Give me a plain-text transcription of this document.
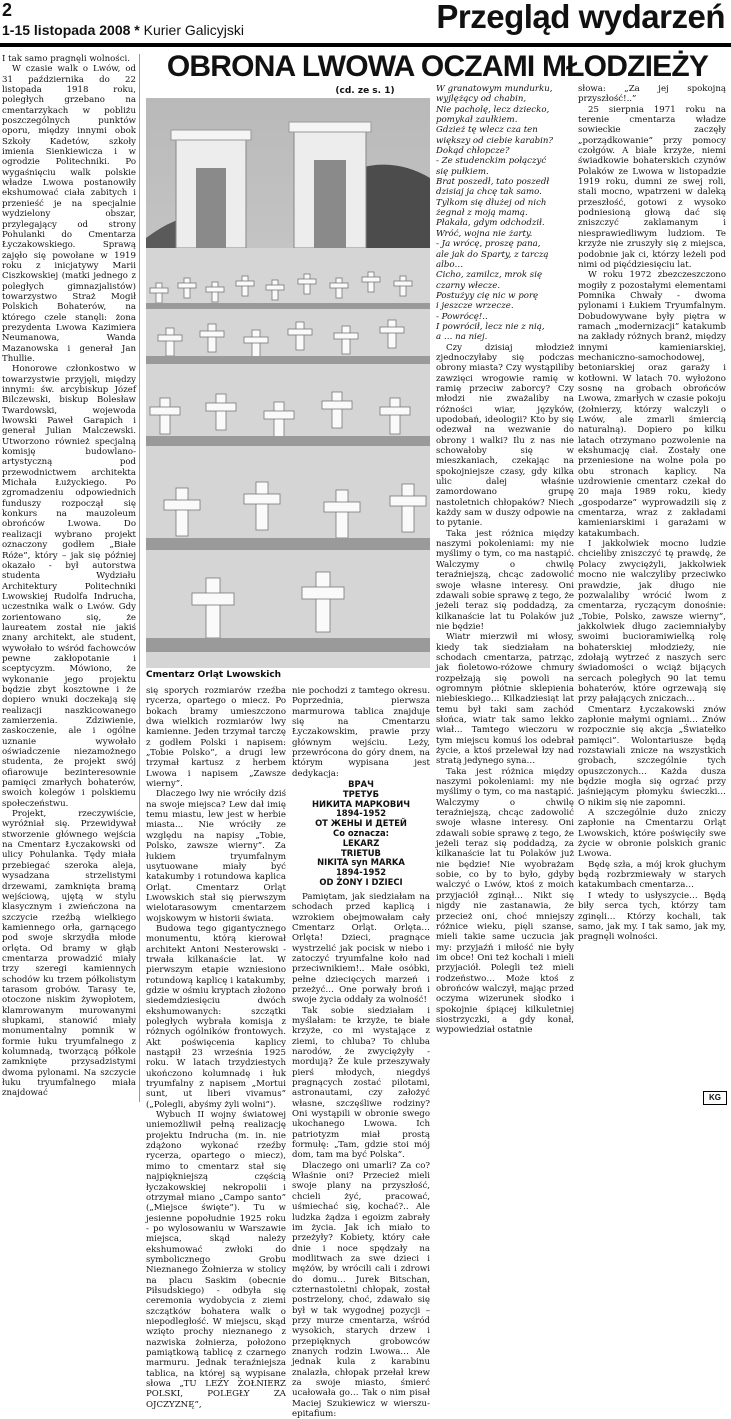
2
1-15 listopada 2008 * Kurier Galicyjski	Przegląd wydarzeń
OBRONA LWOWA OCZAMI MŁODZIEŻY
(cd. ze s. 1)

I tak samo pragnęli wolności.

W czasie walk o Lwów, od 31 października do 22 listopada 1918 roku, poległych grzebano na cmentarzykach w pobliżu poszczególnych punktów oporu, między innymi obok Szkoły Kadetów, szkoły imienia Sienkiewicza i w ogrodzie Politechniki. Po wygaśnięciu walk polskie władze Lwowa postanowiły ekshumować ciała zabitych i przenieść je na specjalnie wydzielony obszar, przylegający od strony Pohulanki do Cmentarza Łyczakowskiego. Sprawą zajęło się powołane w 1919 roku z inicjatywy Marii Ciszkowskiej (matki jednego z poległych gimnazjalistów) towarzystwo Straż Mogił Polskich Bohaterów, na którego czele stanęli: żona prezydenta Lwowa Kazimiera Neumanowa, Wanda Mazanowska i generał Jan Thullie.

Honorowe członkostwo w towarzystwie przyjęli, między innymi: św. arcybiskup Józef Bilczewski, biskup Bolesław Twardowski, wojewoda lwowski Paweł Garapich i generał Julian Malczewski. Utworzono również specjalną komisję budowlano-artystyczną pod przewodnictwem architekta Michała Łużyckiego. Po zgromadzeniu odpowiednich funduszy rozpoczął się konkurs na mauzoleum obrońców Lwowa. Do realizacji wybrano projekt oznaczony godłem „Białe Róże”, który – jak się później okazało - był autorstwa studenta Wydziału Architektury Politechniki Lwowskiej Rudolfa Indrucha, uczestnika walk o Lwów. Gdy zorientowano się, że laureatem został nie jakiś znany architekt, ale student, wywołało to wśród fachowców pewne zakłopotanie i sceptycyzm. Mówiono, że wykonanie jego projektu będzie zbyt kosztowne i że dopiero wnuki doczekają się realizacji naszkicowanego zamierzenia. Zdziwienie, zaskoczenie, ale i ogólne uznanie wywołało oświadczenie niezamożnego studenta, że projekt swój ofiarowuje bezinteresownie pamięci zmarłych bohaterów, swoich kolegów i polskiemu społeczeństwu.

Projekt, rzeczywiście, wyróżniał się. Przewidywał stworzenie głównego wejścia na Cmentarz Łyczakowski od ulicy Pohulanka. Tędy miała przebiegać szeroka aleja, wysadzana strzelistymi drzewami, zamknięta bramą wejściową, ujętą w stylu klasycznym i zwieńczona na szczycie rzeźbą wielkiego kamiennego orła, garnącego pod swoje skrzydła młode orlęta. Od bramy w głąb cmentarza prowadzić miały trzy szeregi kamiennych schodów ku trzem półkolistym tarasom grobów. Tarasy te, otoczone niskim żywopłotem, klamrowanym murowanymi słupkami, stanowić miały monumentalny pomnik w formie łuku tryumfalnego z kolumnadą, tworzącą półkole zamknięte przysadzistymi dwoma pylonami. Na szczycie łuku tryumfalnego miała znajdować

Cmentarz Orląt Lwowskich

się sporych rozmiarów rzeźba rycerza, opartego o miecz. Po bokach bramy umieszczono dwa wielkich rozmiarów lwy kamienne. Jeden trzymał tarczę z godłem Polski i napisem: „Tobie Polsko”, a drugi lew trzymał kartusz z herbem Lwowa i napisem „Zawsze wierny”.

Dlaczego lwy nie wróciły dziś na swoje miejsca? Lew dał imię temu miastu, lew jest w herbie miasta... Nie wróciły ze względu na napisy „Tobie, Polsko, zawsze wierny”. Za łukiem tryumfalnym usytuowane miały być katakumby i rotundowa kaplica Orląt. Cmentarz Orląt Lwowskich stał się pierwszym wielotarasowym cmentarzem wojskowym w historii świata.

Budowa tego gigantycznego monumentu, którą kierował architekt Antoni Nesterowski - trwała kilkanaście lat. W pierwszym etapie wzniesiono rotundową kaplicę i katakumby, gdzie w ośmiu kryptach złożono siedemdziesięciu dwóch ekshumowanych: szczątki poległych wybrała komisja z różnych ogólników frontowych. Akt poświęcenia kaplicy nastąpił 23 września 1925 roku. W latach trzydziestych ukończono kolumnadę i łuk tryumfalny z napisem „Mortui sunt, ut liberi vivamus” („Polegli, abyśmy żyli wolni”).

Wybuch II wojny światowej uniemożliwił pełną realizację projektu Indrucha (m. in. nie zdążono wykonać rzeźby rycerza, opartego o miecz), mimo to cmentarz stał się najpiękniejszą częścią łyczakowskiej nekropolii i otrzymał miano „Campo santo” („Miejsce święte”). Tu w jesienne popołudnie 1925 roku - po wylosowaniu w Warszawie miejsca, skąd należy ekshumować zwłoki do symbolicznego Grobu Nieznanego Żołnierza w stolicy na placu Saskim (obecnie Piłsudskiego) - odbyła się ceremonia wydobycia z ziemi szczątków bohatera walk o niepodległość. W miejscu, skąd wzięto prochy nieznanego z nazwiska żołnierza, położono pamiątkową tablicę z czarnego marmuru. Jednak teraźniejsza tablica, na której są wypisane słowa „TU LEŻY ŻOŁNIERZ POLSKI, POLEGŁY ZA OJCZYZNĘ”,

nie pochodzi z tamtego okresu. Poprzednia, pierwsza marmurowa tablica znajduje się na Cmentarzu Łyczakowskim, prawie przy głównym wejściu. Leży, przewrócona do góry dnem, na którym wypisana jest dedykacja:

ВРАЧ
ТРЕТУБ
НИКИТА МАРКОВИЧ
1894-1952
ОТ ЖЕНЫ И ДЕТЕЙ
Co oznacza:
LEKARZ
TRIETUB
NIKITA syn MARKA
1894-1952
OD ŻONY I DZIECI

Pamiętam, jak siedziałam na schodach przed kaplicą i wzrokiem obejmowałam cały Cmentarz Orląt. Orlęta… Orlęta! Dzieci, pragnące wystrzelić jak pocisk w niebo i zatoczyć tryumfalne koło nad przeciwnikiem!.. Małe osóbki, pełne dziecięcych marzeń i przeżyć… One porwały broń i swoje życia oddały za wolność!

Tak sobie siedziałam i myślałam: te krzyże, te białe krzyże, co mi wystające z ziemi, to chluba? To chluba narodów, że zwyciężyły - mordują? Że kule przeszywały pierś młodych, niegdyś pragnących zostać pilotami, astronautami, czy założyć własne, szczęśliwe rodziny? Oni wystąpili w obronie swego ukochanego Lwowa. Ich patriotyzm miał prostą formułę: „Tam, gdzie stoi mój dom, tam ma być Polska”.

Dlaczego oni umarli? Za co? Właśnie oni? Przecież mieli swoje plany na przyszłość, chcieli żyć, pracować, uśmiechać się, kochać?.. Ale ludzka żądza i egoizm zabrały im życia. Jak ich miało to przeżyły? Kobiety, który całe dnie i noce spędzały na modlitwach za swe dzieci i mężów, by wrócili cali i zdrowi do domu… Jurek Bitschan, czternastoletni chłopak, został postrzelony, choć, zdawało się był w tak wygodnej pozycji – przy murze cmentarza, wśród wysokich, starych drzew i przepięknych grobowców znanych rodzin Lwowa… Ale jednak kula z karabinu znalazła, chłopak przełał krew za swoje miasto, śmierć ucałowała go… Tak o nim pisał Maciej Szukiewicz w wierszu-epitafium:

W granatowym mundurku,
wyjlężący od chabin,
Nie pacholę, lecz dziecko,
pomykał zaułkiem.
Gdzież tę wlecz cza ten
większy od ciebie karabin?
Dokąd chłopcze?
- Ze studenckim połączyć
się pułkiem.
Brat poszedł, tato poszedł
dzisiaj ja chcę tak samo.
Tylkom się dłużej od nich
żegnał z moją mamą.
Płakała, gdym odchodził.
Wróć, wojna nie żarty.
- Ja wrócę, proszę pana,
ale jak do Sparty, z tarczą
albo…
Cicho, zamilcz, mrok się
czarny włecze.
Postużyy cię nic w porę
i jeszcze wrzecze.
- Powrócę!..
I powrócił, lecz nie z nią,
a … na niej.

Czy dzisiaj młodzież zjednoczyłaby się podczas obrony miasta? Czy wystąpiliby zawzięci wrogowie ramię w ramię przeciw zaborcy? Czy młodzi nie zważaliby na różności wiar, języków, upodobań, ideologii? Kto by się odezwał na wezwanie do obrony i walki? Ilu z nas nie schowałoby się w mieszkaniach, czekając na spokojniejsze czasy, gdy kilka ulic dalej właśnie zamordowano grupę nastoletnich chłopaków? Niech każdy sam w duszy odpowie na to pytanie.

Taka jest różnica między naszymi pokoleniami: my nie myślimy o tym, co ma nastąpić. Walczymy o chwilę teraźniejszą, chcąc zadowolić swoje własne interesy. Oni zdawali sobie sprawę z tego, że jeżeli teraz się poddadzą, za kilkanaście lat tu Polaków już nie będzie!

Wiatr mierzwił mi włosy, kiedy tak siedziałam na schodach cmentarza, patrząc, jak fioletowo-różowe chmury rozpełzają się powoli na ogromnym płótnie sklepienia niebieskiego… Kilkadziesiąt lat temu był taki sam zachód słońca, wiatr tak samo lekko wiał… Tamtego wieczoru w tym miejscu komuś los odebrał życie, a ktoś przelewał łzy nad stratą jedynego syna…

Taka jest różnica między naszymi pokoleniami: my nie myślimy o tym, co ma nastąpić. Walczymy o chwilę teraźniejszą, chcąc zadowolić swoje własne interesy. Oni zdawali sobie sprawę z tego, że jeżeli teraz się poddadzą, za kilkanaście lat tu Polaków już nie będzie! Nie wyobrażam sobie, co by to było, gdyby walczyć o Lwów, ktoś z moich przyjaciół zginął… Nikt się nigdy nie zastanawia, że przecież oni, choć mniejszy różnice wieku, pięli szanse, mieli takie same uczucia jak my: przyjaźń i miłość nie były im obce! Oni też kochali i mieli przyjaciół. Polegli też mieli rodzeństwo… Może ktoś z obrońców walczył, mając przed oczyma wizerunek słodko i spokojnie śpiącej kilkuletniej siostrzyczki, a gdy konał, wypowiedział ostatnie

słowa: „Za jej spokojną przyszłość!..”

25 sierpnia 1971 roku na terenie cmentarza władze sowieckie zaczęły „porządkowanie” przy pomocy czołgów. A białe krzyże, niemi świadkowie bohaterskich czynów Polaków ze Lwowa w listopadzie 1919 roku, dumni ze swej roli, stali mocno, wpatrzeni w daleką przeszłość, gotowi z wysoko podniesioną głową dać się zniszczyć zaklamanym i niesprawiedliwym ludziom. Te krzyże nie zruszyły się z miejsca, podobnie jak ci, którzy leżeli pod nimi od pięćdziesięciu lat.

W roku 1972 zbezczeszczono mogiły z pozostałymi elementami Pomnika Chwały - dwoma pylonami i Łukiem Tryumfalnym. Dobudowywane były piętra w ramach „modernizacji” katakumb na zakłady różnych branż, między innymi kamieniarskiej, mechaniczno-samochodowej, betoniarskiej oraz garaży i kotłowni. W latach 70. wyłożono sosnę na grobach obrońców Lwowa, zmarłych w czasie pokoju (żołnierzy, którzy walczyli o Lwów, ale zmarli śmiercią naturalną). Dopiero po kilku latach otrzymano pozwolenie na ekshumację ciał. Zostały one przeniesione na wolne pola po obu stronach kaplicy. Na uzdrowienie cmentarz czekał do 20 maja 1989 roku, kiedy „gospodarze” wyprowadzili się z cmentarza, wraz z zakładami kamieniarskimi i garażami w katakumbach.

I jakkolwiek mocno ludzie chcieliby zniszczyć tę prawdę, że Polacy zwyciężyli, jakkolwiek mocno nie walczyliby przeciwko prawdzie, jak długo nie pozwalaliby wrócić lwom z cmentarza, ryczącym donośnie: „Tobie, Polsko, zawsze wierny”, jakkolwiek długo zaciemniałyby swoimi bucioramiwielką rolę bohaterskiej młodzieży, nie zdołają wytrzeć z naszych serc świadomości o wciąż bijących sercach poległych 90 lat temu bohaterów, które ogrzewają się przy pałających zniczach…

Cmentarz Łyczakowski znów zapłonie małymi ogniami… Znów rozpocznie się akcja „Światełko pamięci”. Wolontariusze będą rozstawiali znicze na wszystkich grobach, szczególnie tych opuszczonych… Każda dusza będzie mogła się ogrzać przy jaśniejącym płomyku świeczki… O nikim się nie zapomni.

A szczególnie dużo zniczy zapłonie na Cmentarzu Orląt Lwowskich, które poświęciły swe życie w obronie polskich granic Lwowa.

Będę szła, a mój krok głuchym będą rozbrzmiewały w starych katakumbach cmentarza…

I wtedy to usłyszycie… Będą biły serca tych, którzy tam zginęli… Którzy kochali, tak samo, jak my. I tak samo, jak my, pragnęli wolności.

KG
